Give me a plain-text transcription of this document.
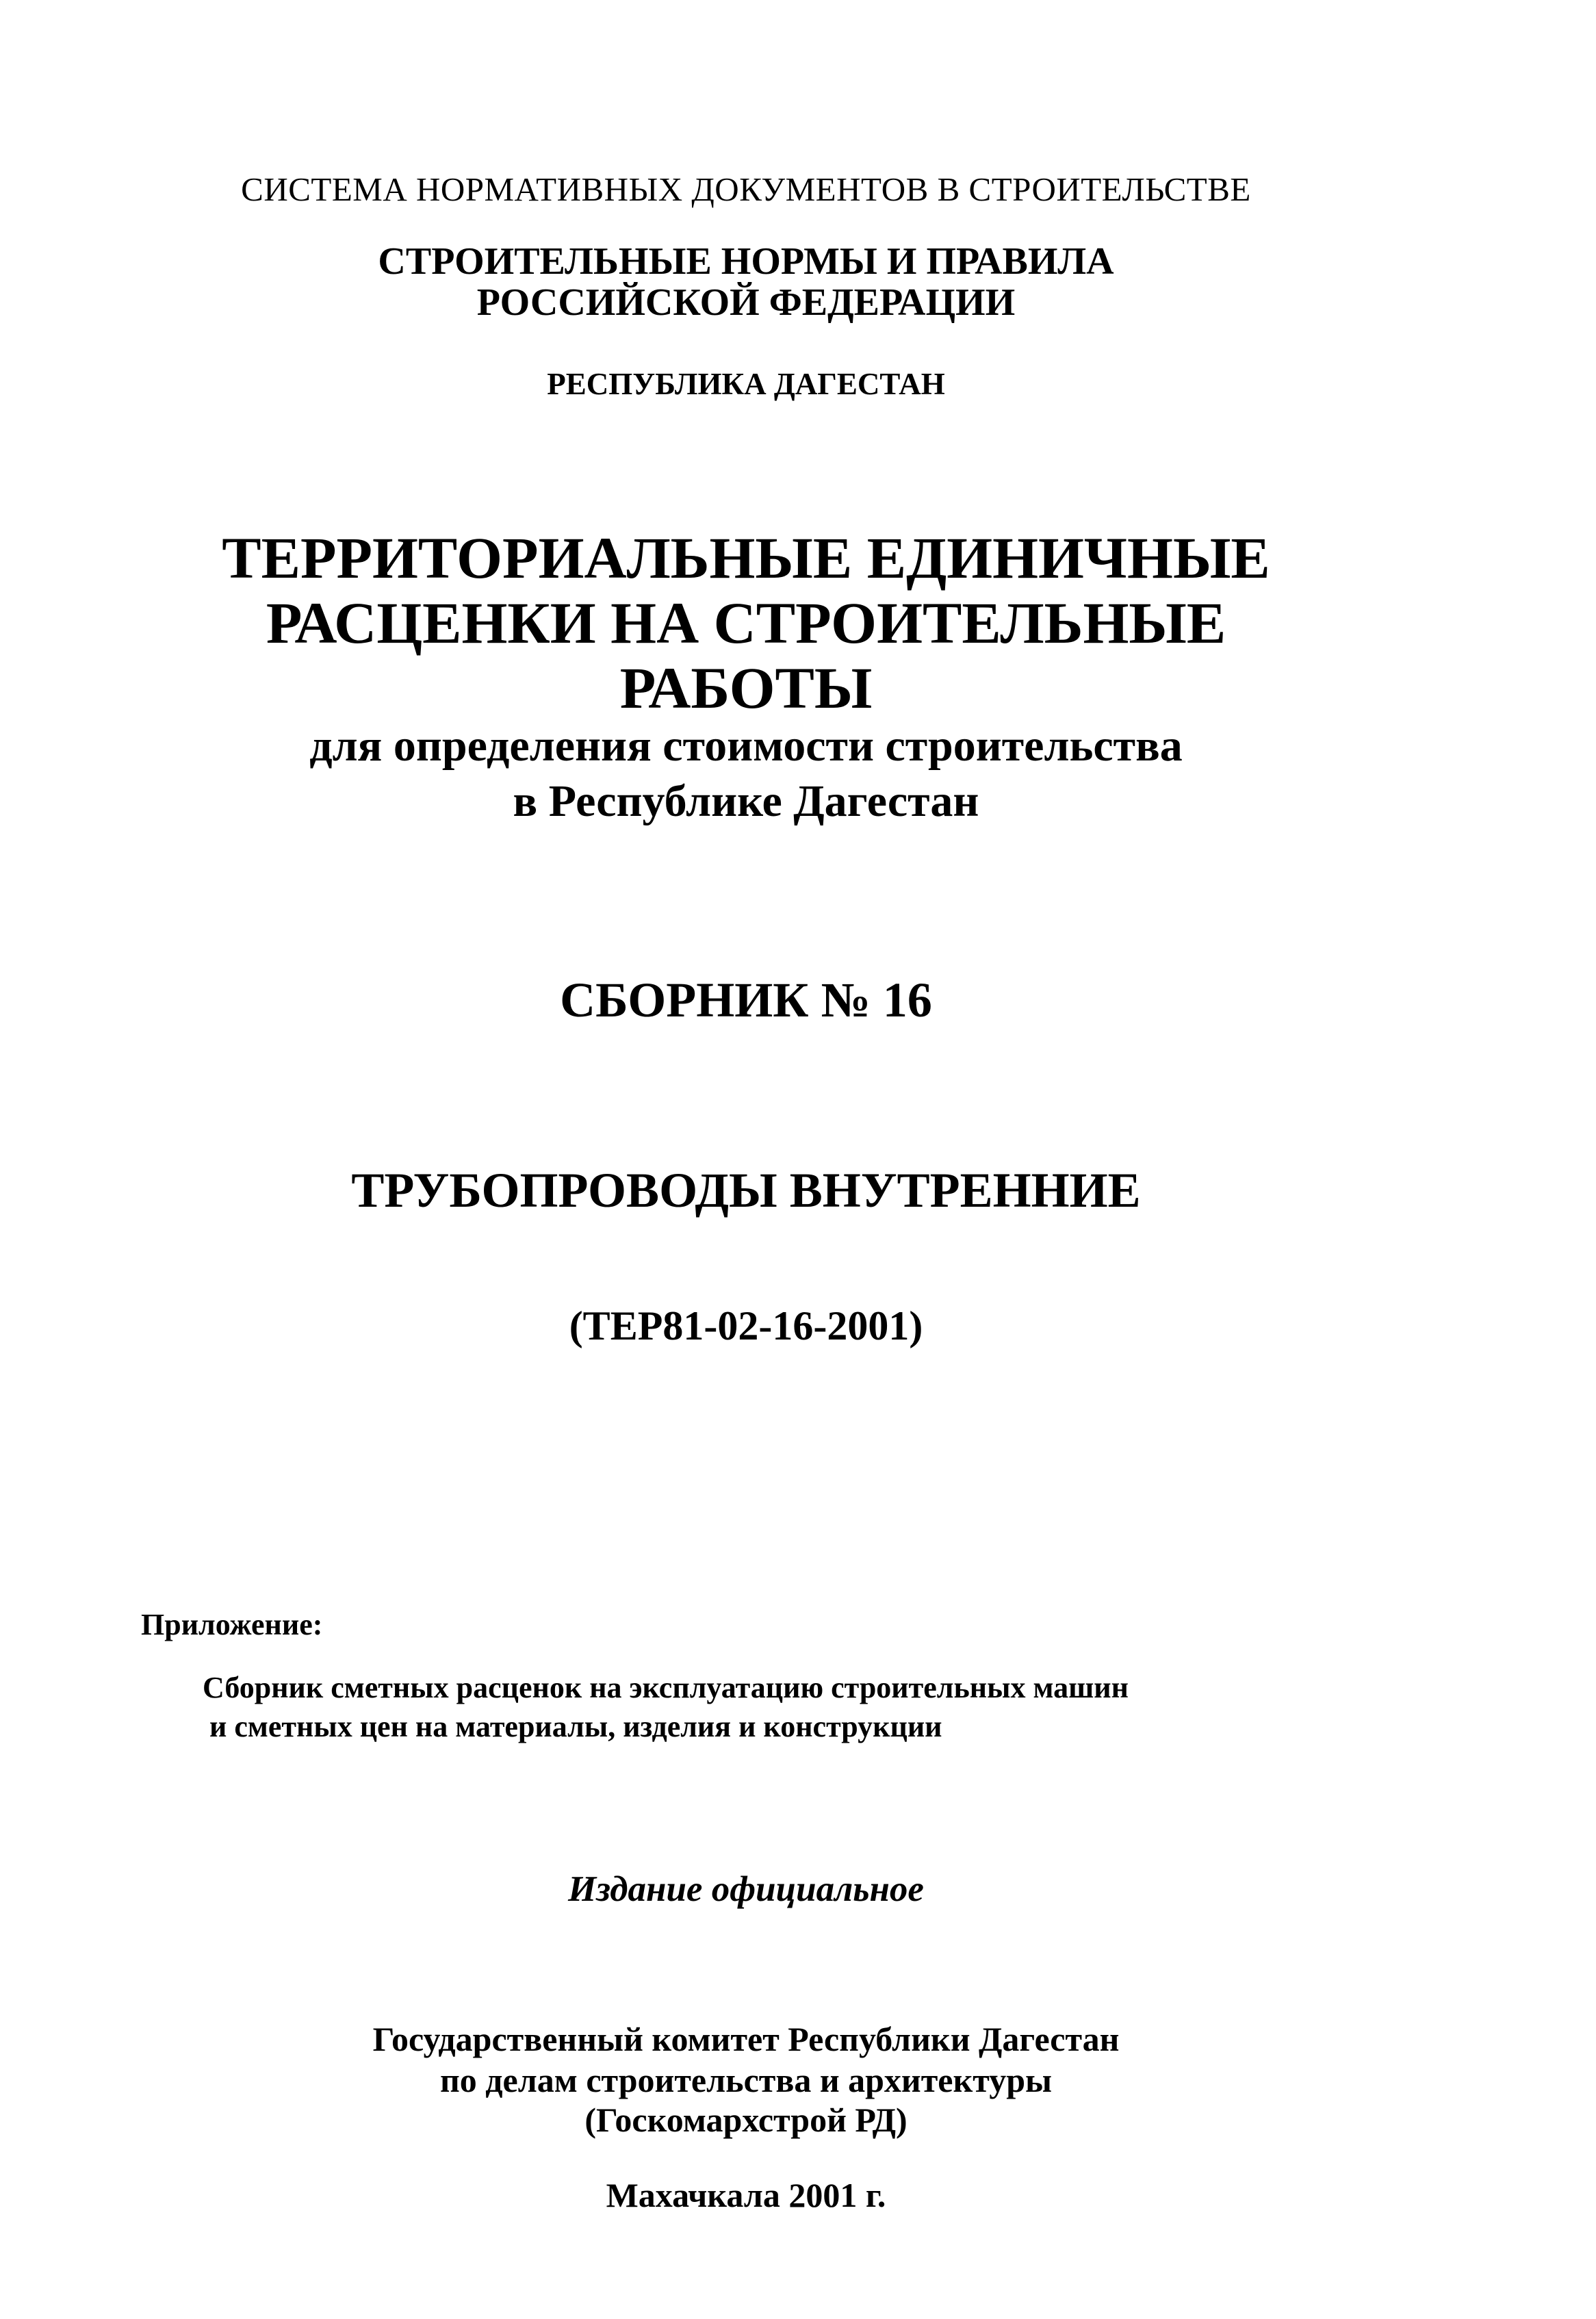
СИСТЕМА НОРМАТИВНЫХ ДОКУМЕНТОВ В СТРОИТЕЛЬСТВЕ
СТРОИТЕЛЬНЫЕ НОРМЫ И ПРАВИЛА
РОССИЙСКОЙ ФЕДЕРАЦИИ
РЕСПУБЛИКА ДАГЕСТАН
ТЕРРИТОРИАЛЬНЫЕ ЕДИНИЧНЫЕ
РАСЦЕНКИ НА СТРОИТЕЛЬНЫЕ
РАБОТЫ
для определения стоимости строительства
в Республике Дагестан
СБОРНИК № 16
ТРУБОПРОВОДЫ ВНУТРЕННИЕ
(ТЕР81-02-16-2001)
Приложение:
Сборник сметных расценок на эксплуатацию строительных машин
и сметных цен на материалы, изделия и конструкции
Издание официальное
Государственный комитет Республики Дагестан
по делам строительства и архитектуры
(Госкомархстрой РД)
Махачкала 2001 г.
